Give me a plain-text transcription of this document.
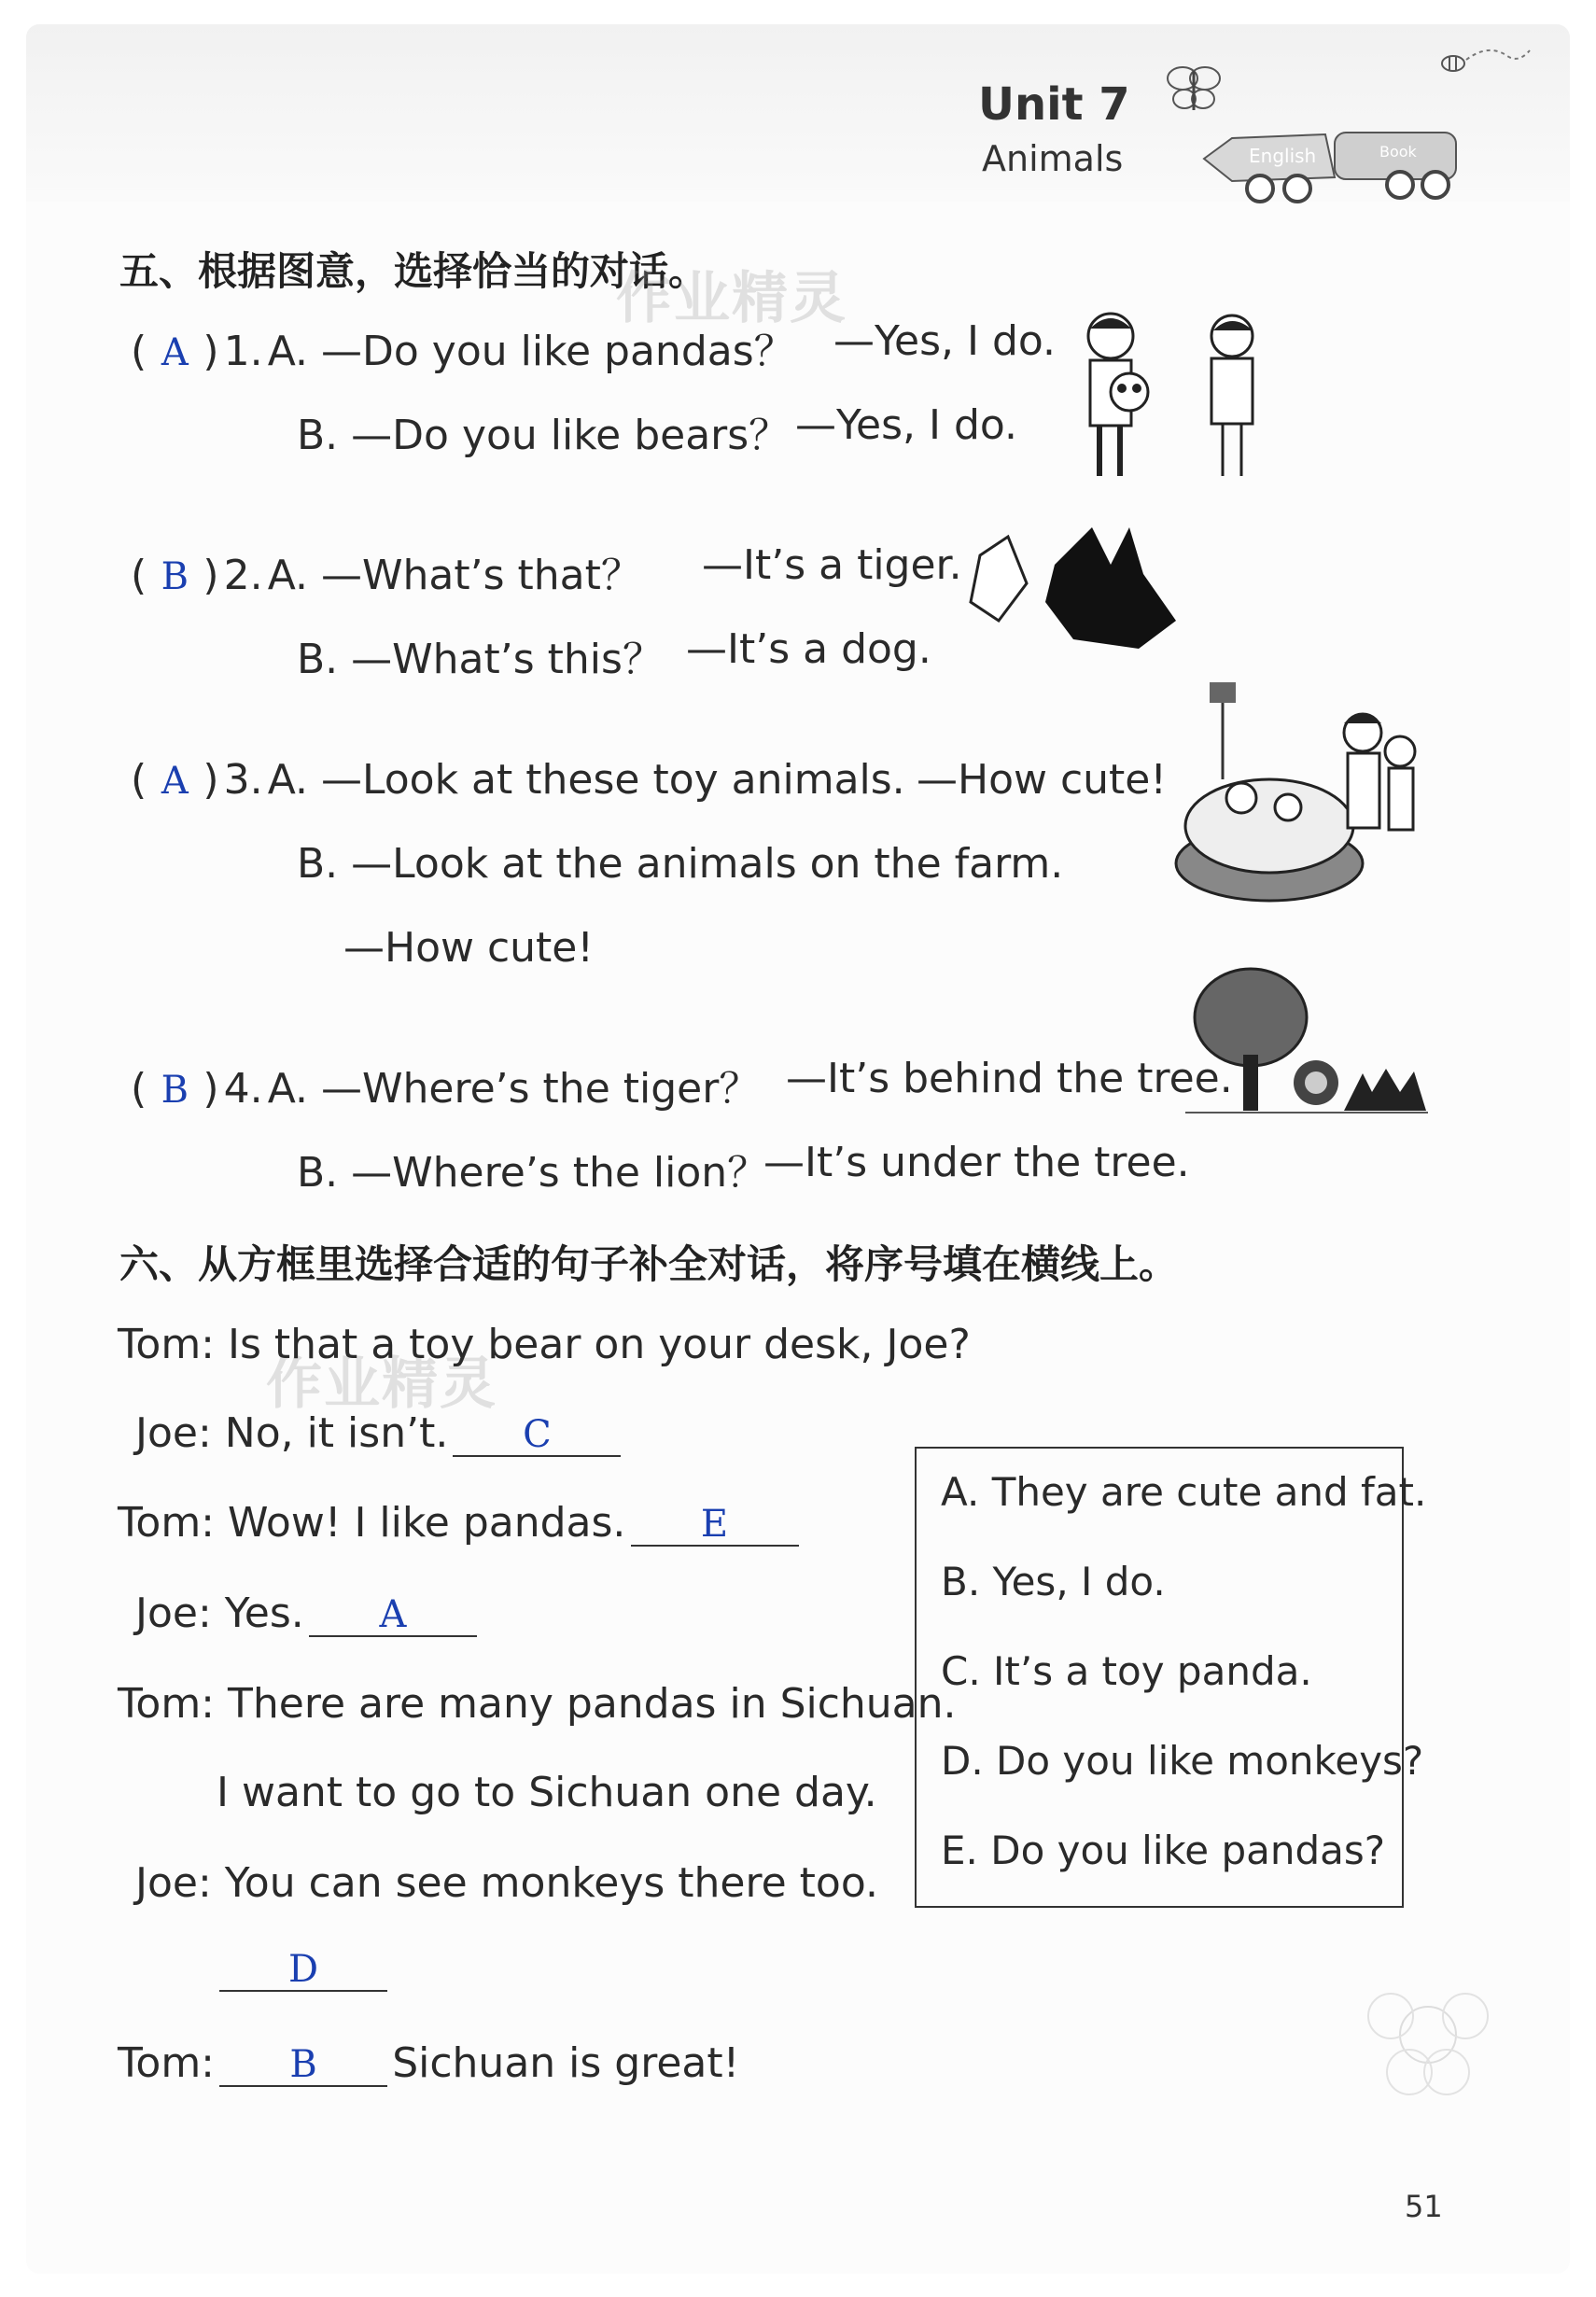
Unit 7
Animals	English	Book
五、根据图意，选择恰当的对话。
作业精灵
( A ) 1. A. —Do you like pandas？ —Yes, I do.
B. —Do you like bears？ —Yes, I do.
( B ) 2. A. —What’s that？ —It’s a tiger.
B. —What’s this？ —It’s a dog.
( A ) 3. A. —Look at these toy animals. —How cute!
B. —Look at the animals on the farm.
—How cute!
( B ) 4. A. —Where’s the tiger？ —It’s behind the tree.
B. —Where’s the lion？
—It’s under the tree.
六、从方框里选择合适的句子补全对话，将序号填在横线上。
作业精灵
Tom: Is that a toy bear on your desk, Joe?
Joe: No, it isn’t. C
Tom: Wow! I like pandas. E
Joe: Yes. A
Tom: There are many pandas in Sichuan.
I want to go to Sichuan one day.
Joe: You can see monkeys there too.
D
Tom: B Sichuan is great!
A. They are cute and fat.
B. Yes, I do.
C. It’s a toy panda.
D. Do you like monkeys?
E. Do you like pandas?
51
